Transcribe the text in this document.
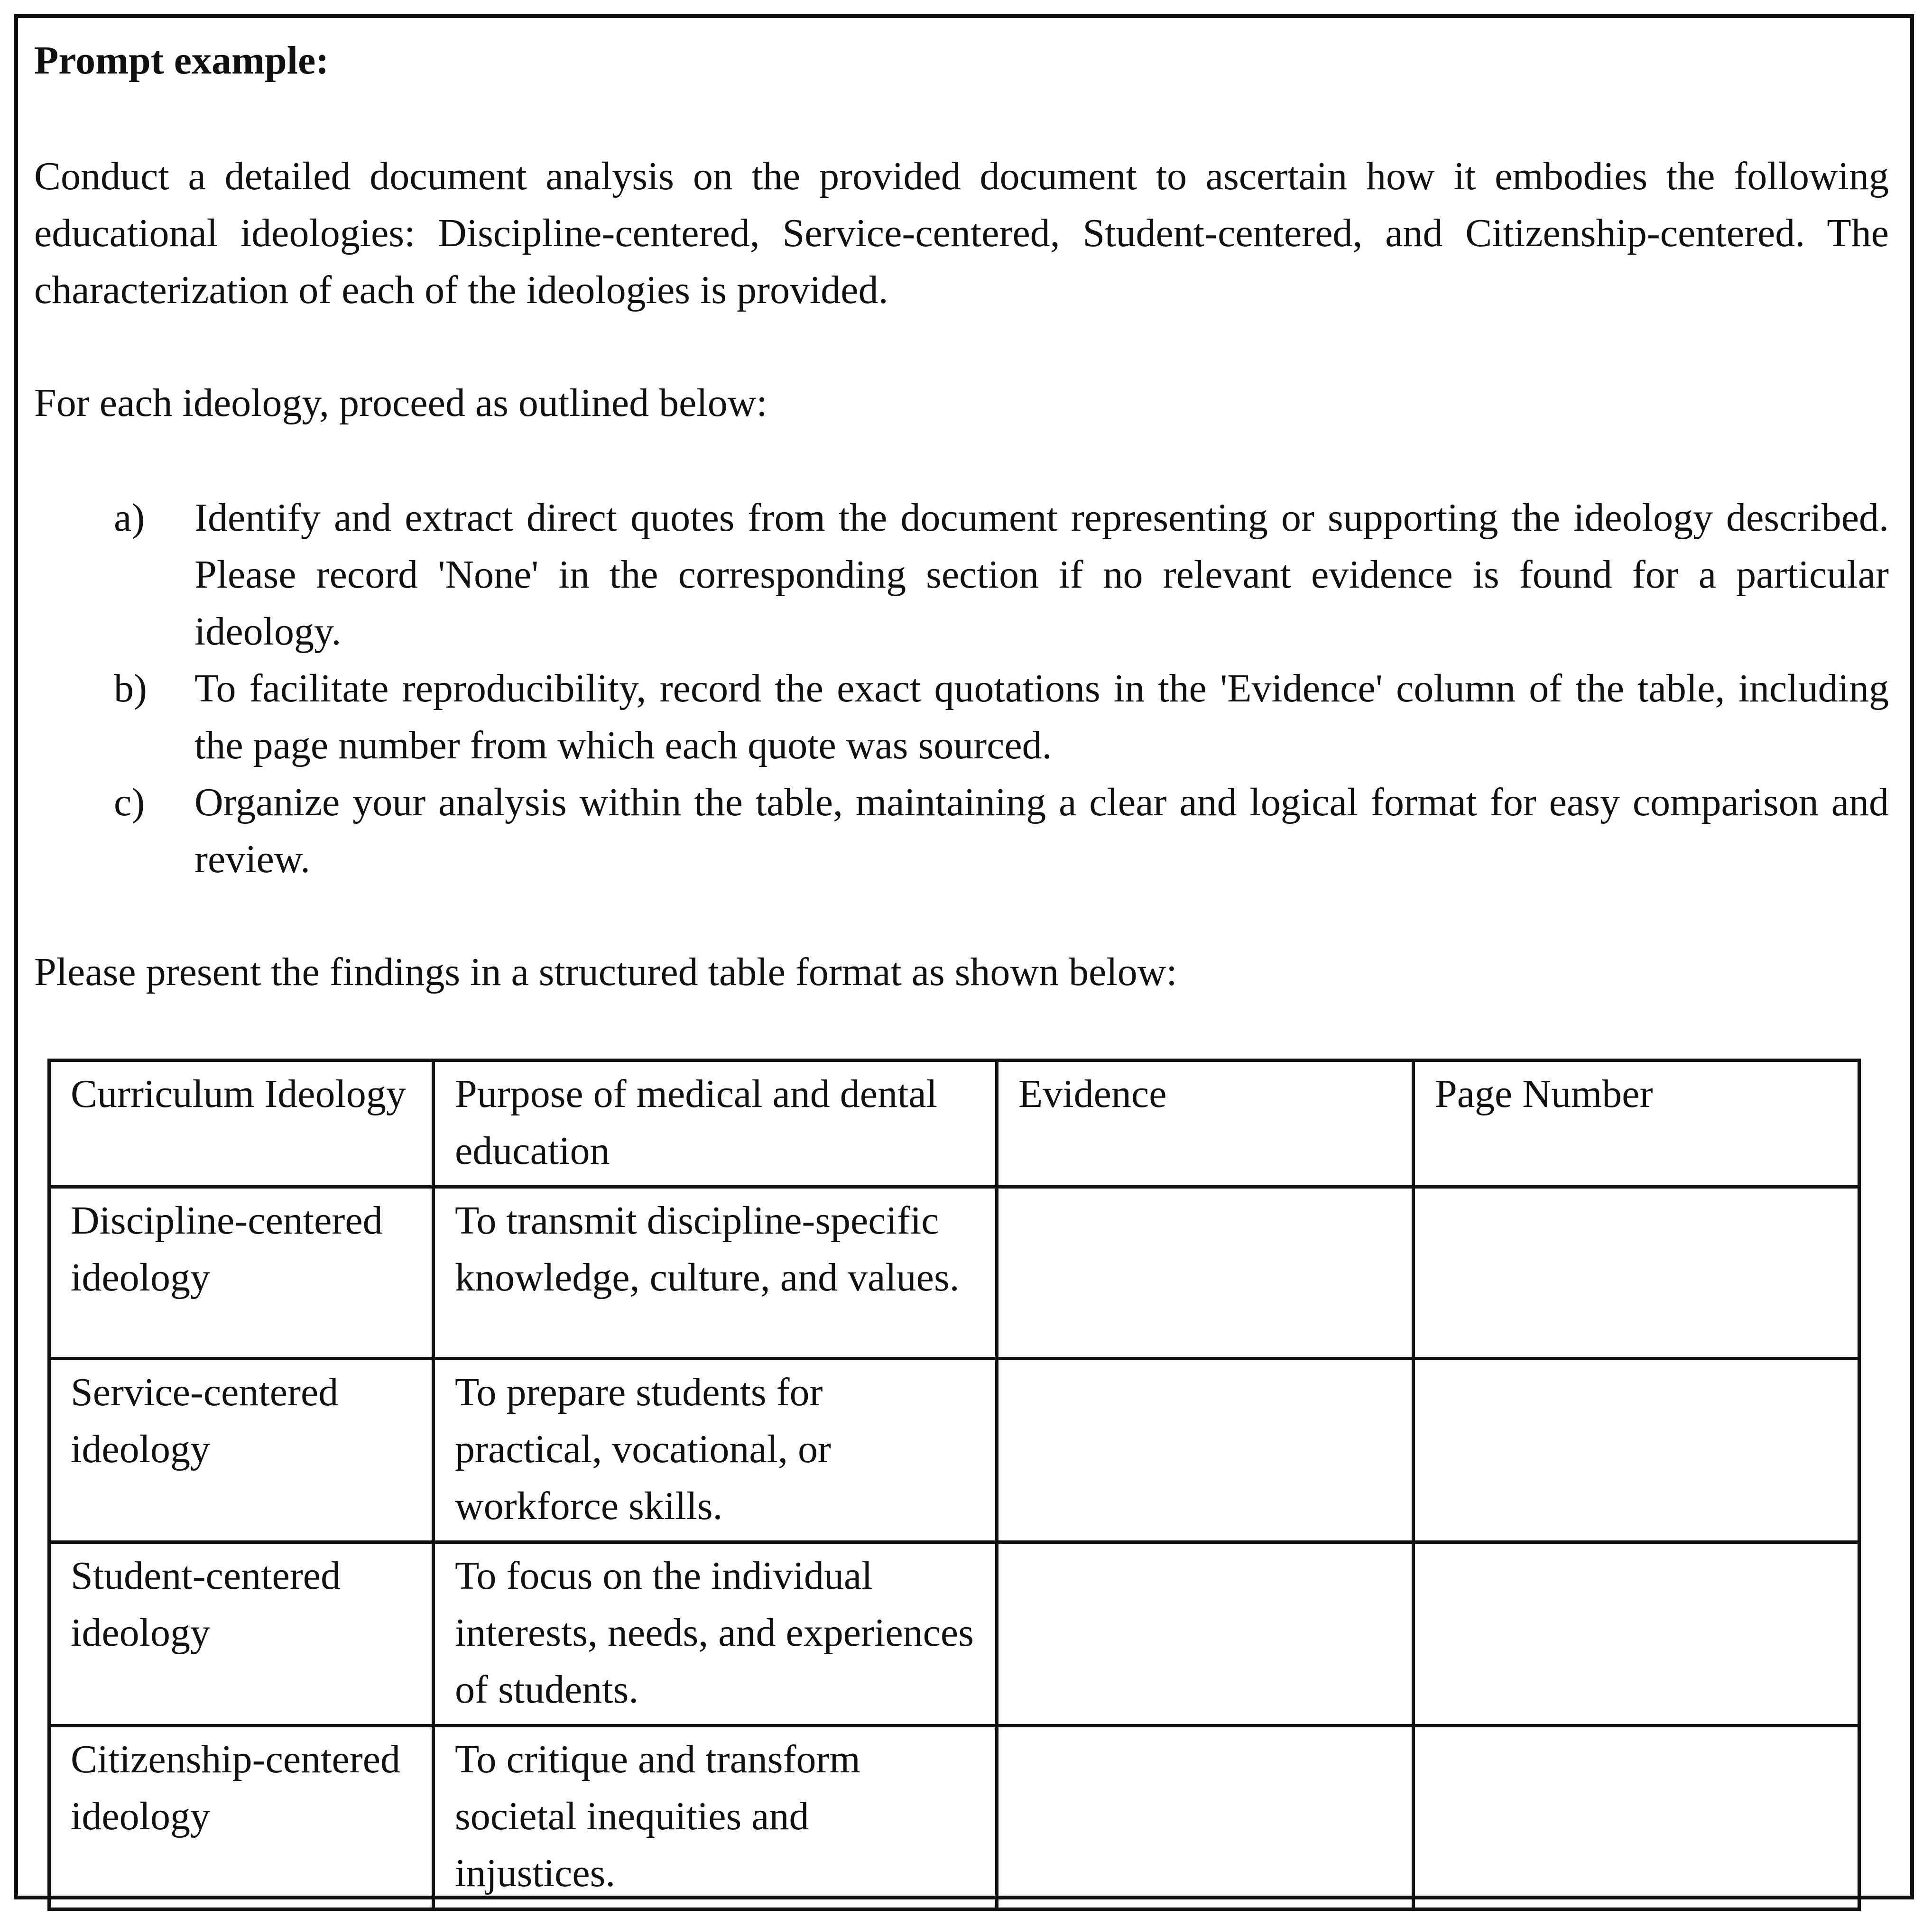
Prompt example:
Conduct a detailed document analysis on the provided document to ascertain how it embodies the following educational ideologies: Discipline-centered, Service-centered, Student-centered, and Citizenship-centered. The characterization of each of the ideologies is provided.
For each ideology, proceed as outlined below:
a) Identify and extract direct quotes from the document representing or supporting the ideology described. Please record 'None' in the corresponding section if no relevant evidence is found for a particular ideology.
b) To facilitate reproducibility, record the exact quotations in the 'Evidence' column of the table, including the page number from which each quote was sourced.
c) Organize your analysis within the table, maintaining a clear and logical format for easy comparison and review.
Please present the findings in a structured table format as shown below:
Curriculum Ideology	Purpose of medical and dental education	Evidence	Page Number
Discipline-centered ideology	To transmit discipline-specific knowledge, culture, and values.		
Service-centered ideology	To prepare students for practical, vocational, or workforce skills.		
Student-centered ideology	To focus on the individual interests, needs, and experiences of students.		
Citizenship-centered ideology	To critique and transform societal inequities and injustices.		
